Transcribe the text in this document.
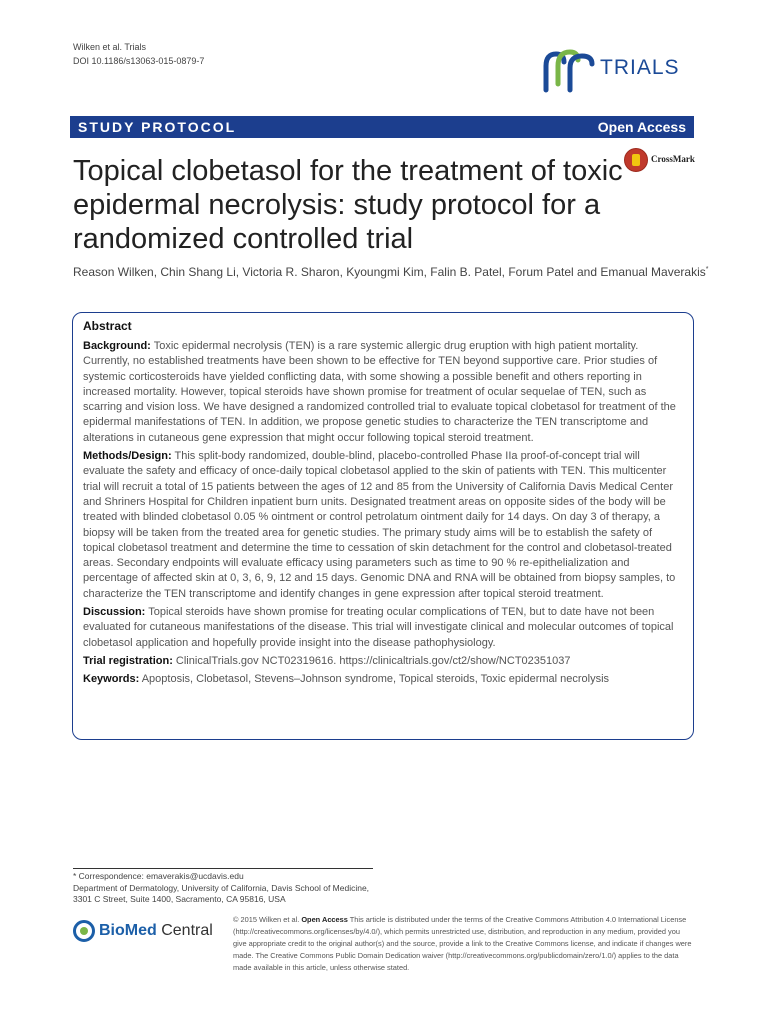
Wilken et al. Trials
DOI 10.1186/s13063-015-0879-7	TRIALS
STUDY PROTOCOL	Open Access
CrossMark
Topical clobetasol for the treatment of toxic epidermal necrolysis: study protocol for a randomized controlled trial
Reason Wilken, Chin Shang Li, Victoria R. Sharon, Kyoungmi Kim, Falin B. Patel, Forum Patel and Emanual Maverakis*
Abstract

Background: Toxic epidermal necrolysis (TEN) is a rare systemic allergic drug eruption with high patient mortality. Currently, no established treatments have been shown to be effective for TEN beyond supportive care. Prior studies of systemic corticosteroids have yielded conflicting data, with some showing a possible benefit and others reporting in increased mortality. However, topical steroids have shown promise for treatment of ocular sequelae of TEN, such as scarring and vision loss. We have designed a randomized controlled trial to evaluate topical clobetasol for treatment of the epidermal manifestations of TEN. In addition, we propose genetic studies to characterize the TEN transcriptome and alterations in cutaneous gene expression that might occur following topical steroid treatment.

Methods/Design: This split-body randomized, double-blind, placebo-controlled Phase IIa proof-of-concept trial will evaluate the safety and efficacy of once-daily topical clobetasol applied to the skin of patients with TEN. This multicenter trial will recruit a total of 15 patients between the ages of 12 and 85 from the University of California Davis Medical Center and Shriners Hospital for Children inpatient burn units. Designated treatment areas on opposite sides of the body will be treated with blinded clobetasol 0.05 % ointment or control petrolatum ointment daily for 14 days. On day 3 of therapy, a biopsy will be taken from the treated area for genetic studies. The primary study aims will be to establish the safety of topical clobetasol treatment and determine the time to cessation of skin detachment for the control and clobetasol-treated areas. Secondary endpoints will evaluate efficacy using parameters such as time to 90 % re-epithelialization and percentage of affected skin at 0, 3, 6, 9, 12 and 15 days. Genomic DNA and RNA will be obtained from biopsy samples, to characterize the TEN transcriptome and identify changes in gene expression after topical steroid treatment.

Discussion: Topical steroids have shown promise for treating ocular complications of TEN, but to date have not been evaluated for cutaneous manifestations of the disease. This trial will investigate clinical and molecular outcomes of topical clobetasol application and hopefully provide insight into the disease pathophysiology.

Trial registration: ClinicalTrials.gov NCT02319616. https://clinicaltrials.gov/ct2/show/NCT02351037

Keywords: Apoptosis, Clobetasol, Stevens–Johnson syndrome, Topical steroids, Toxic epidermal necrolysis

* Correspondence: emaverakis@ucdavis.edu
Department of Dermatology, University of California, Davis School of Medicine, 3301 C Street, Suite 1400, Sacramento, CA 95816, USA
BioMed Central

© 2015 Wilken et al. Open Access This article is distributed under the terms of the Creative Commons Attribution 4.0 International License (http://creativecommons.org/licenses/by/4.0/), which permits unrestricted use, distribution, and reproduction in any medium, provided you give appropriate credit to the original author(s) and the source, provide a link to the Creative Commons license, and indicate if changes were made. The Creative Commons Public Domain Dedication waiver (http://creativecommons.org/publicdomain/zero/1.0/) applies to the data made available in this article, unless otherwise stated.
